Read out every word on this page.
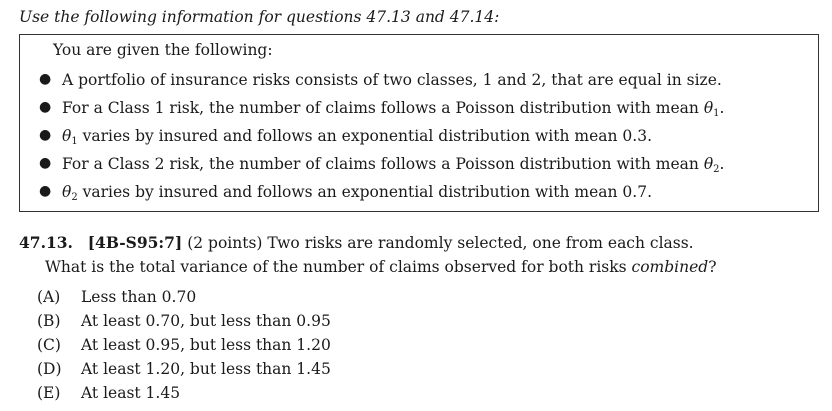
Use the following information for questions 47.13 and 47.14:
You are given the following:
● A portfolio of insurance risks consists of two classes, 1 and 2, that are equal in size.
● For a Class 1 risk, the number of claims follows a Poisson distribution with mean $\theta_1$.
● $\theta_1$ varies by insured and follows an exponential distribution with mean 0.3.
● For a Class 2 risk, the number of claims follows a Poisson distribution with mean $\theta_2$.
● $\theta_2$ varies by insured and follows an exponential distribution with mean 0.7.
47.13. [4B-S95:7] (2 points) Two risks are randomly selected, one from each class.
What is the total variance of the number of claims observed for both risks combined?
(A) Less than 0.70
(B) At least 0.70, but less than 0.95
(C) At least 0.95, but less than 1.20
(D) At least 1.20, but less than 1.45
(E) At least 1.45
